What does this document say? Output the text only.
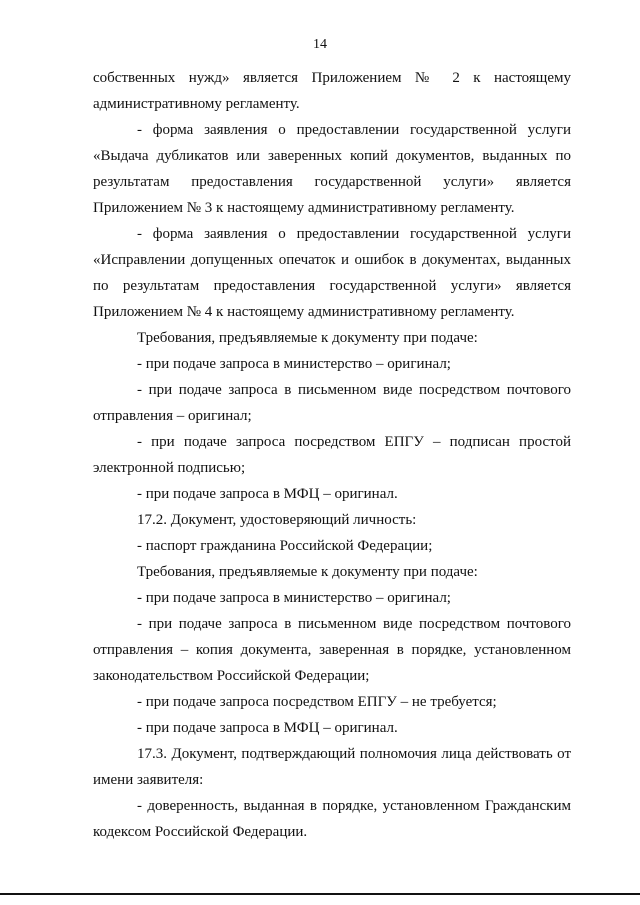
14

собственных нужд» является Приложением № 2 к настоящему административному регламенту.

- форма заявления о предоставлении государственной услуги «Выдача дубликатов или заверенных копий документов, выданных по результатам предоставления государственной услуги» является Приложением № 3 к настоящему административному регламенту.

- форма заявления о предоставлении государственной услуги «Исправлении допущенных опечаток и ошибок в документах, выданных по результатам предоставления государственной услуги» является Приложением № 4 к настоящему административному регламенту.

Требования, предъявляемые к документу при подаче:

- при подаче запроса в министерство – оригинал;

- при подаче запроса в письменном виде посредством почтового отправления – оригинал;

- при подаче запроса посредством ЕПГУ – подписан простой электронной подписью;

- при подаче запроса в МФЦ – оригинал.

17.2. Документ, удостоверяющий личность:

- паспорт гражданина Российской Федерации;

Требования, предъявляемые к документу при подаче:

- при подаче запроса в министерство – оригинал;

- при подаче запроса в письменном виде посредством почтового отправления – копия документа, заверенная в порядке, установленном законодательством Российской Федерации;

- при подаче запроса посредством ЕПГУ – не требуется;

- при подаче запроса в МФЦ – оригинал.

17.3. Документ, подтверждающий полномочия лица действовать от имени заявителя:

- доверенность, выданная в порядке, установленном Гражданским кодексом Российской Федерации.
